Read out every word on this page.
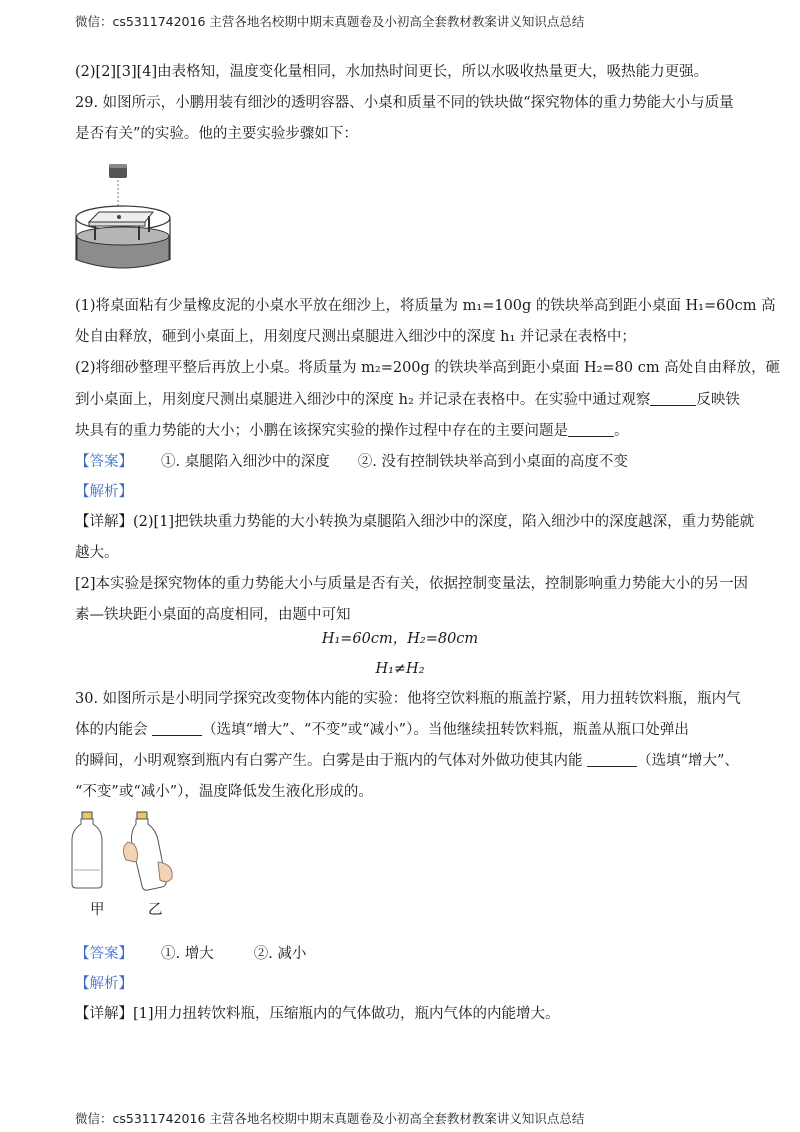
微信：cs5311742016 主营各地名校期中期末真题卷及小初高全套教材教案讲义知识点总结
(2)[2][3][4]由表格知，温度变化量相同，水加热时间更长，所以水吸收热量更大，吸热能力更强。
29. 如图所示，小鹏用装有细沙的透明容器、小桌和质量不同的铁块做“探究物体的重力势能大小与质量
是否有关”的实验。他的主要实验步骤如下：
(1)将桌面粘有少量橡皮泥的小桌水平放在细沙上，将质量为 m₁=100g 的铁块举高到距小桌面 H₁=60cm 高
处自由释放，砸到小桌面上，用刻度尺测出桌腿进入细沙中的深度 h₁ 并记录在表格中；
(2)将细砂整理平整后再放上小桌。将质量为 m₂=200g 的铁块举高到距小桌面 H₂=80 cm 高处自由释放，砸
到小桌面上，用刻度尺测出桌腿进入细沙中的深度 h₂ 并记录在表格中。在实验中通过观察	反映铁
块具有的重力势能的大小；小鹏在该探究实验的操作过程中存在的主要问题是	。
【答案】 ①. 桌腿陷入细沙中的深度 ②. 没有控制铁块举高到小桌面的高度不变
【解析】
【详解】(2)[1]把铁块重力势能的大小转换为桌腿陷入细沙中的深度，陷入细沙中的深度越深，重力势能就
越大。
[2]本实验是探究物体的重力势能大小与质量是否有关，依据控制变量法，控制影响重力势能大小的另一因
素—铁块距小桌面的高度相同，由题中可知
H₁=60cm，H₂=80cm
H₁≠H₂
30. 如图所示是小明同学探究改变物体内能的实验：他将空饮料瓶的瓶盖拧紧，用力扭转饮料瓶，瓶内气
体的内能会	（选填“增大”、“不变”或“减小”）。当他继续扭转饮料瓶，瓶盖从瓶口处弹出
的瞬间，小明观察到瓶内有白雾产生。白雾是由于瓶内的气体对外做功使其内能	（选填“增大”、
“不变”或“减小”），温度降低发生液化形成的。
甲	乙
【答案】 ①. 增大	②. 减小
【解析】
【详解】[1]用力扭转饮料瓶，压缩瓶内的气体做功，瓶内气体的内能增大。
微信：cs5311742016 主营各地名校期中期末真题卷及小初高全套教材教案讲义知识点总结
